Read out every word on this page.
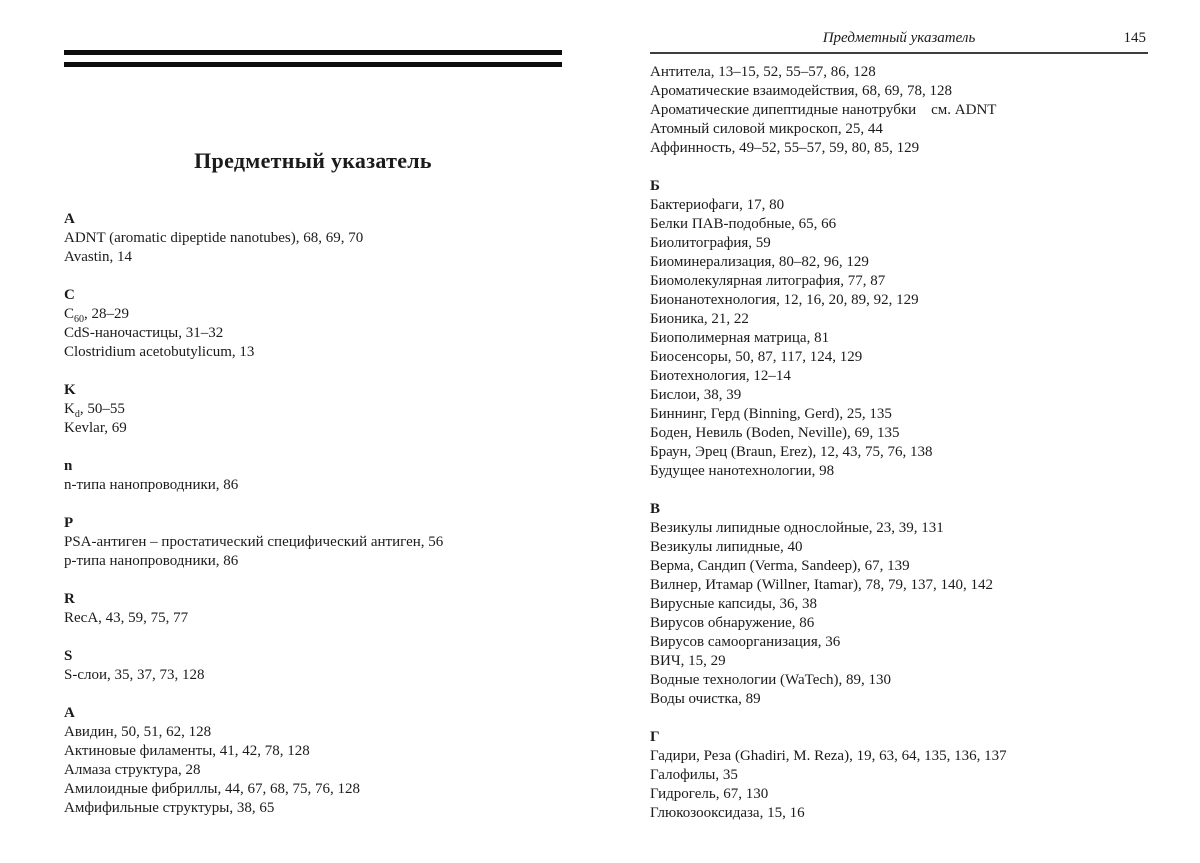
Предметный указатель
A
ADNT (aromatic dipeptide nanotubes), 68, 69, 70
Avastin, 14
C
$C_{60}$, 28–29
CdS-наночастицы, 31–32
Clostridium acetobutylicum, 13
K
$K_d$, 50–55
Kevlar, 69
n
n-типа нанопроводники, 86
P
PSA-антиген – простатический специфический антиген, 56
p-типа нанопроводники, 86
R
RecA, 43, 59, 75, 77
S
S-слои, 35, 37, 73, 128
А
Авидин, 50, 51, 62, 128
Актиновые филаменты, 41, 42, 78, 128
Алмаза структура, 28
Амилоидные фибриллы, 44, 67, 68, 75, 76, 128
Амфифильные структуры, 38, 65
Предметный указатель	145
Антитела, 13–15, 52, 55–57, 86, 128
Ароматические взаимодействия, 68, 69, 78, 128
Ароматические дипептидные нанотрубки  см. ADNT
Атомный силовой микроскоп, 25, 44
Аффинность, 49–52, 55–57, 59, 80, 85, 129
Б
Бактериофаги, 17, 80
Белки ПАВ-подобные, 65, 66
Биолитография, 59
Биоминерализация, 80–82, 96, 129
Биомолекулярная литография, 77, 87
Бионанотехнология, 12, 16, 20, 89, 92, 129
Бионика, 21, 22
Биополимерная матрица, 81
Биосенсоры, 50, 87, 117, 124, 129
Биотехнология, 12–14
Бислои, 38, 39
Биннинг, Герд (Binning, Gerd), 25, 135
Боден, Невиль (Boden, Neville), 69, 135
Браун, Эрец (Braun, Erez), 12, 43, 75, 76, 138
Будущее нанотехнологии, 98
В
Везикулы липидные однослойные, 23, 39, 131
Везикулы липидные, 40
Верма, Сандип (Verma, Sandeep), 67, 139
Вилнер, Итамар (Willner, Itamar), 78, 79, 137, 140, 142
Вирусные капсиды, 36, 38
Вирусов обнаружение, 86
Вирусов самоорганизация, 36
ВИЧ, 15, 29
Водные технологии (WaTech), 89, 130
Воды очистка, 89
Г
Гадири, Реза (Ghadiri, M. Reza), 19, 63, 64, 135, 136, 137
Галофилы, 35
Гидрогель, 67, 130
Глюкозооксидаза, 15, 16
